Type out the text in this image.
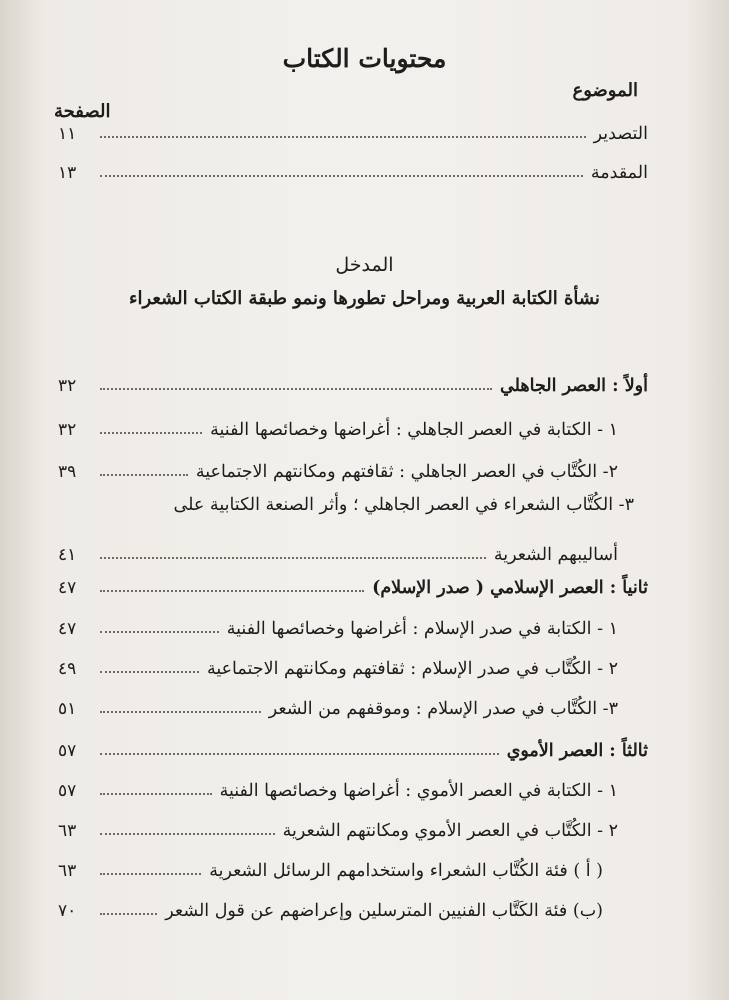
محتويات الكتاب
الموضوع
الصفحة
التصدير
١١
المقدمة
١٣
المدخل
نشأة الكتابة العربية ومراحل تطورها ونمو طبقة الكتاب الشعراء
أولاً : العصر الجاهلي
٣٢
١ - الكتابة في العصر الجاهلي : أغراضها وخصائصها الفنية
٣٢
٢- الكُتَّاب في العصر الجاهلي : ثقافتهم ومكانتهم الاجتماعية
٣٩
٣- الكُتَّاب الشعراء في العصر الجاهلي ؛ وأثر الصنعة الكتابية على
أساليبهم الشعرية
٤١
ثانياً : العصر الإسلامي ( صدر الإسلام)
٤٧
١ - الكتابة في صدر الإسلام : أغراضها وخصائصها الفنية
٤٧
٢ - الكُتَّاب في صدر الإسلام : ثقافتهم ومكانتهم الاجتماعية
٤٩
٣- الكُتَّاب في صدر الإسلام : وموقفهم من الشعر
٥١
ثالثاً : العصر الأموي
٥٧
١ - الكتابة في العصر الأموي : أغراضها وخصائصها الفنية
٥٧
٢ - الكُتَّاب في العصر الأموي ومكانتهم الشعرية
٦٣
( أ ) فئة الكُتَّاب الشعراء واستخدامهم الرسائل الشعرية
٦٣
(ب) فئة الكَتَّاب الفنيين المترسلين وإعراضهم عن قول الشعر
٧٠
